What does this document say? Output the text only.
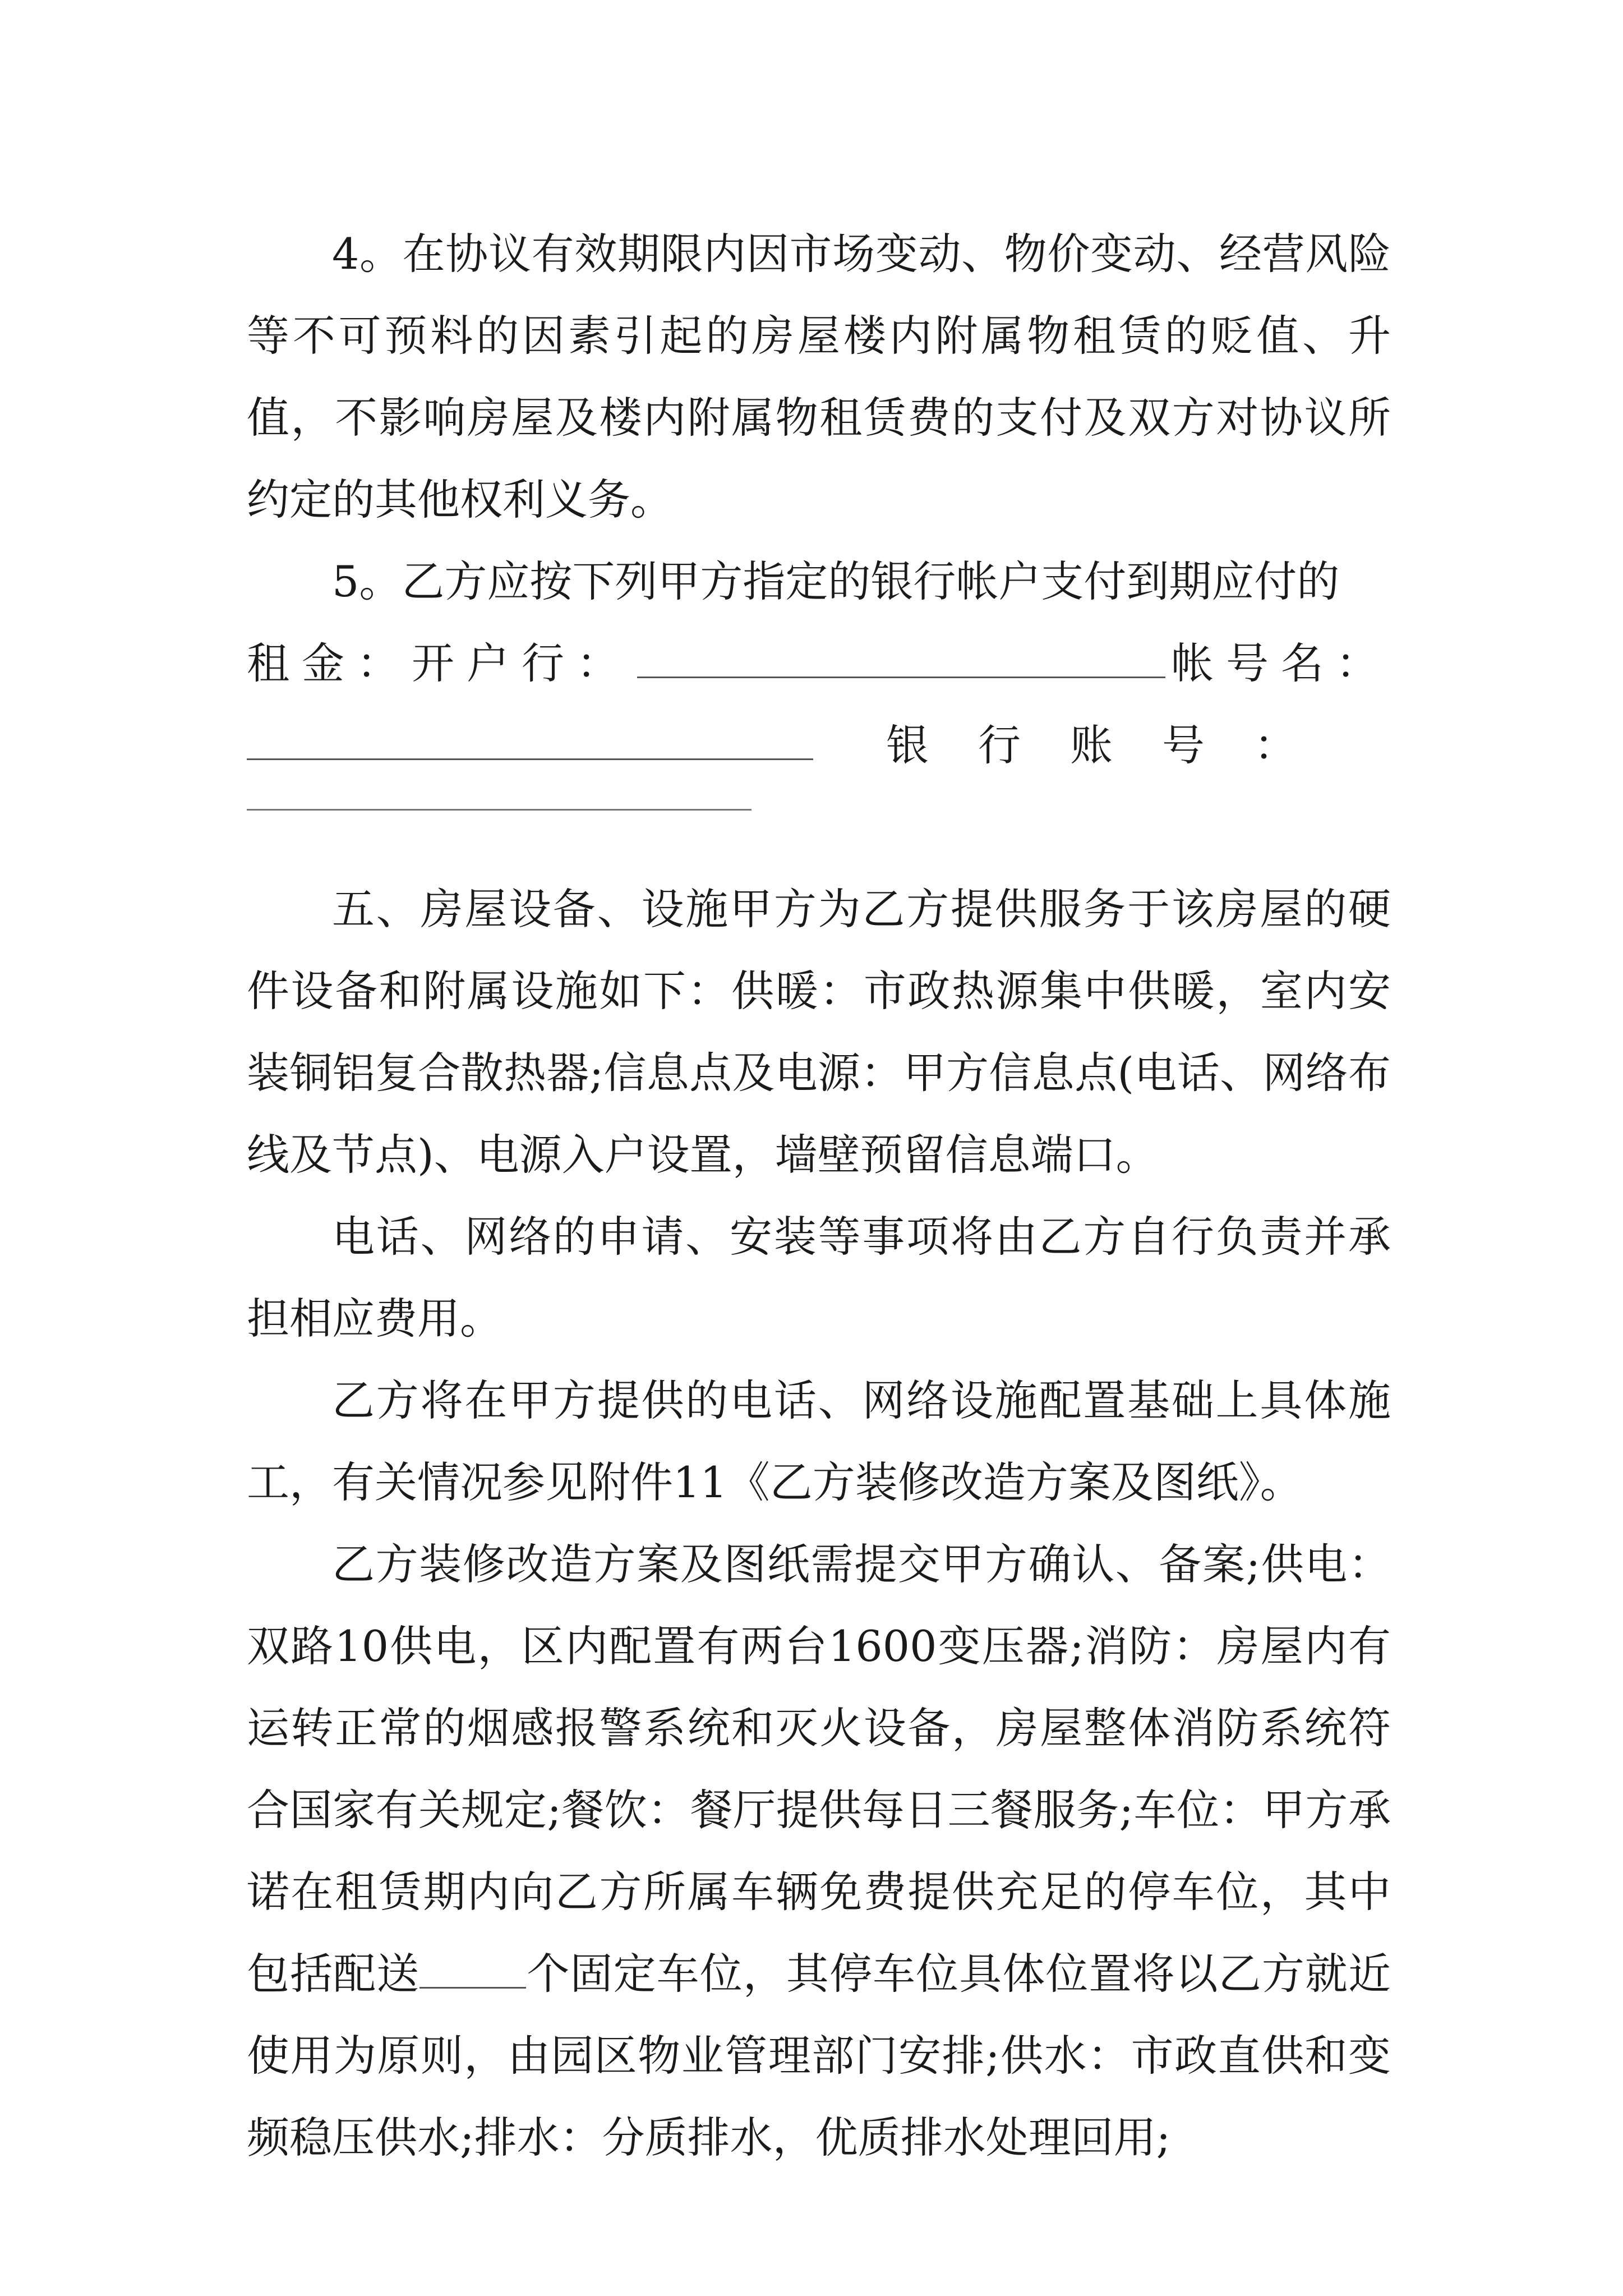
4。在协议有效期限内因市场变动、物价变动、经营风险等不可预料的因素引起的房屋楼内附属物租赁的贬值、升值，不影响房屋及楼内附属物租赁费的支付及双方对协议所约定的其他权利义务。

5。乙方应按下列甲方指定的银行帐户支付到期应付的

租金：开户行：	帐号名：
银行账号：

五、房屋设备、设施甲方为乙方提供服务于该房屋的硬件设备和附属设施如下：供暖：市政热源集中供暖，室内安装铜铝复合散热器;信息点及电源：甲方信息点(电话、网络布线及节点)、电源入户设置，墙壁预留信息端口。

电话、网络的申请、安装等事项将由乙方自行负责并承担相应费用。

乙方将在甲方提供的电话、网络设施配置基础上具体施工，有关情况参见附件11《乙方装修改造方案及图纸》。

乙方装修改造方案及图纸需提交甲方确认、备案;供电：双路10供电，区内配置有两台1600变压器;消防：房屋内有运转正常的烟感报警系统和灭火设备，房屋整体消防系统符合国家有关规定;餐饮：餐厅提供每日三餐服务;车位：甲方承诺在租赁期内向乙方所属车辆免费提供充足的停车位，其中包括配送	个固定车位，其停车位具体位置将以乙方就近使用为原则，由园区物业管理部门安排;供水：市政直供和变频稳压供水;排水：分质排水，优质排水处理回用;
